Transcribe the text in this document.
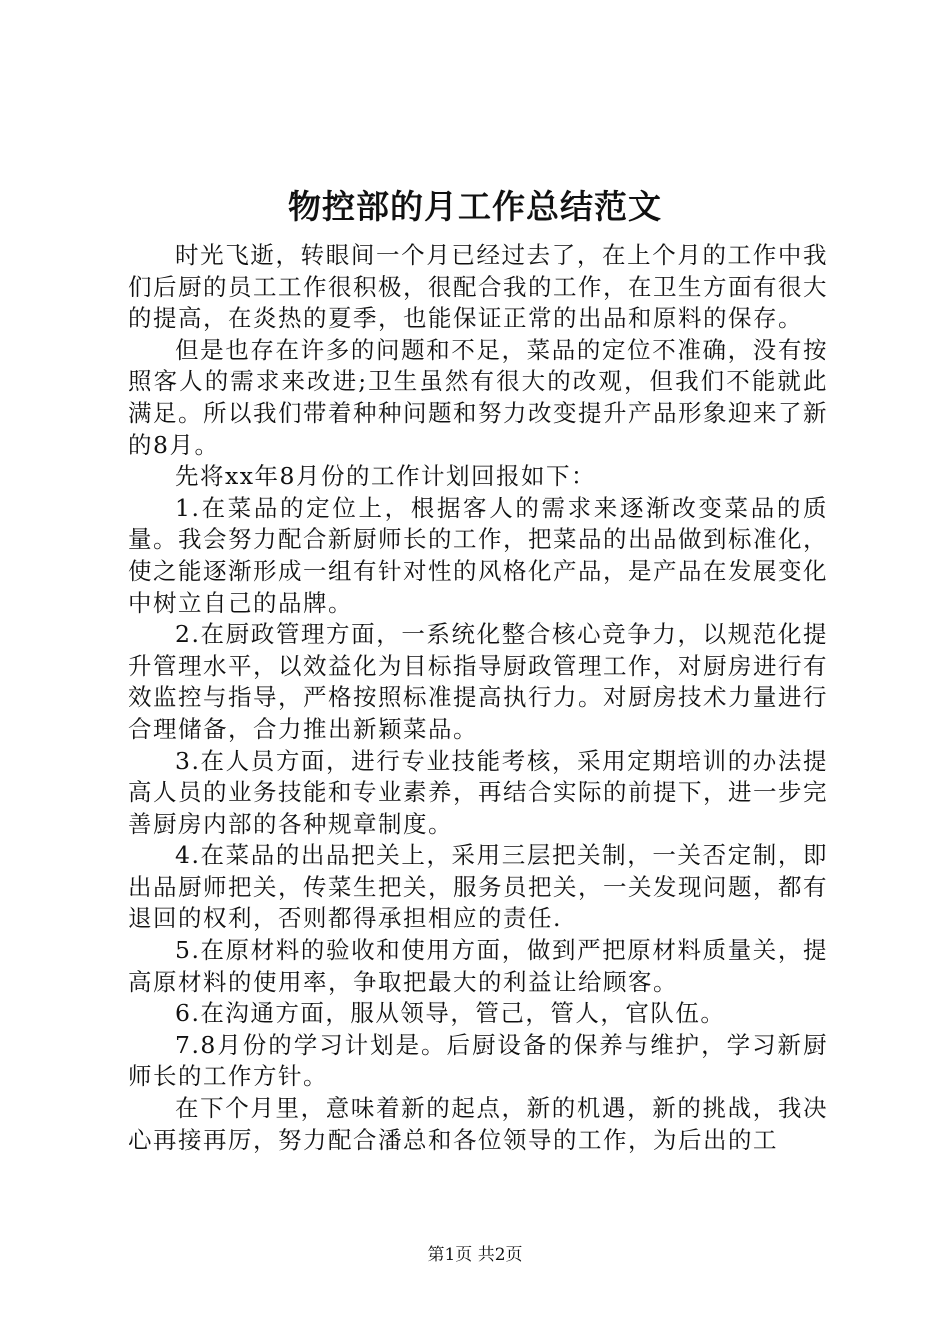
物控部的月工作总结范文

时光飞逝，转眼间一个月已经过去了，在上个月的工作中我们后厨的员工工作很积极，很配合我的工作，在卫生方面有很大的提高，在炎热的夏季，也能保证正常的出品和原料的保存。

但是也存在许多的问题和不足，菜品的定位不准确，没有按照客人的需求来改进;卫生虽然有很大的改观，但我们不能就此满足。所以我们带着种种问题和努力改变提升产品形象迎来了新的8月。

先将xx年8月份的工作计划回报如下：

1.在菜品的定位上，根据客人的需求来逐渐改变菜品的质量。我会努力配合新厨师长的工作，把菜品的出品做到标准化，使之能逐渐形成一组有针对性的风格化产品，是产品在发展变化中树立自己的品牌。

2.在厨政管理方面，一系统化整合核心竞争力，以规范化提升管理水平，以效益化为目标指导厨政管理工作，对厨房进行有效监控与指导，严格按照标准提高执行力。对厨房技术力量进行合理储备，合力推出新颖菜品。

3.在人员方面，进行专业技能考核，采用定期培训的办法提高人员的业务技能和专业素养，再结合实际的前提下，进一步完善厨房内部的各种规章制度。

4.在菜品的出品把关上，采用三层把关制，一关否定制，即出品厨师把关，传菜生把关，服务员把关，一关发现问题，都有退回的权利，否则都得承担相应的责任.

5.在原材料的验收和使用方面，做到严把原材料质量关，提高原材料的使用率，争取把最大的利益让给顾客。

6.在沟通方面，服从领导，管己，管人，官队伍。

7.8月份的学习计划是。后厨设备的保养与维护，学习新厨师长的工作方针。

在下个月里，意味着新的起点，新的机遇，新的挑战，我决心再接再厉，努力配合潘总和各位领导的工作，为后出的工

第1页 共2页
